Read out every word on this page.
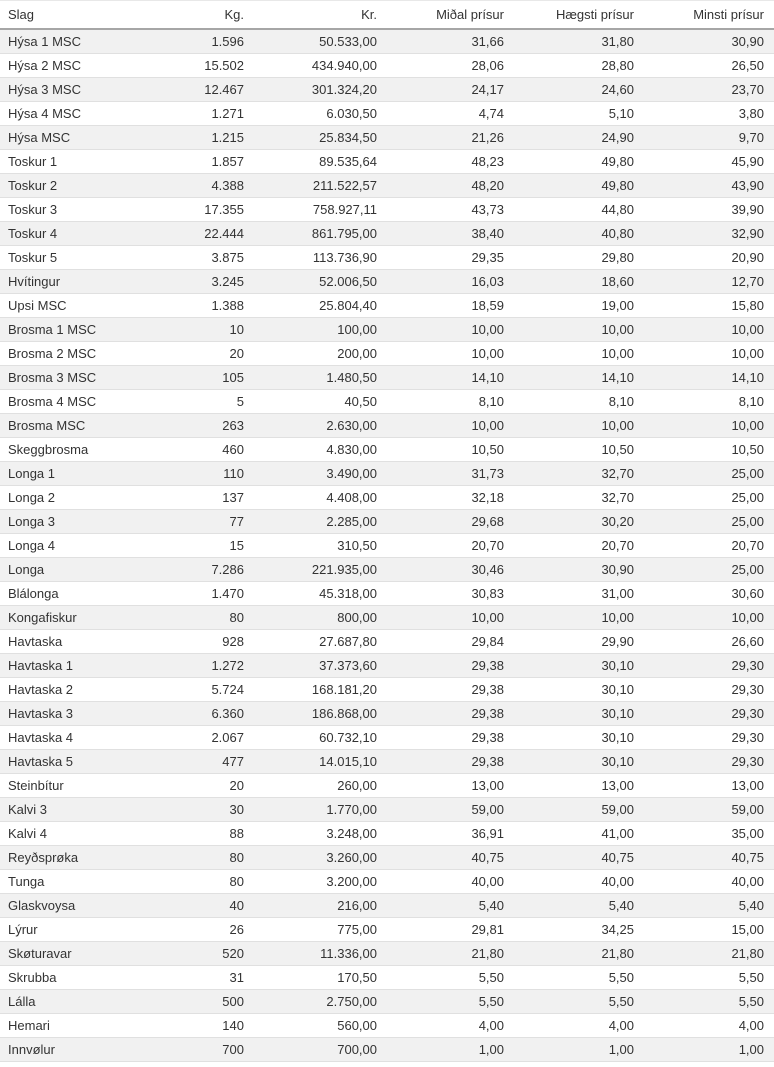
Slag	Kg.	Kr.	Miðal prísur	Hægsti prísur	Minsti prísur
Hýsa 1 MSC	1.596	50.533,00	31,66	31,80	30,90
Hýsa 2 MSC	15.502	434.940,00	28,06	28,80	26,50
Hýsa 3 MSC	12.467	301.324,20	24,17	24,60	23,70
Hýsa 4 MSC	1.271	6.030,50	4,74	5,10	3,80
Hýsa MSC	1.215	25.834,50	21,26	24,90	9,70
Toskur 1	1.857	89.535,64	48,23	49,80	45,90
Toskur 2	4.388	211.522,57	48,20	49,80	43,90
Toskur 3	17.355	758.927,11	43,73	44,80	39,90
Toskur 4	22.444	861.795,00	38,40	40,80	32,90
Toskur 5	3.875	113.736,90	29,35	29,80	20,90
Hvítingur	3.245	52.006,50	16,03	18,60	12,70
Upsi MSC	1.388	25.804,40	18,59	19,00	15,80
Brosma 1 MSC	10	100,00	10,00	10,00	10,00
Brosma 2 MSC	20	200,00	10,00	10,00	10,00
Brosma 3 MSC	105	1.480,50	14,10	14,10	14,10
Brosma 4 MSC	5	40,50	8,10	8,10	8,10
Brosma MSC	263	2.630,00	10,00	10,00	10,00
Skeggbrosma	460	4.830,00	10,50	10,50	10,50
Longa 1	110	3.490,00	31,73	32,70	25,00
Longa 2	137	4.408,00	32,18	32,70	25,00
Longa 3	77	2.285,00	29,68	30,20	25,00
Longa 4	15	310,50	20,70	20,70	20,70
Longa	7.286	221.935,00	30,46	30,90	25,00
Blálonga	1.470	45.318,00	30,83	31,00	30,60
Kongafiskur	80	800,00	10,00	10,00	10,00
Havtaska	928	27.687,80	29,84	29,90	26,60
Havtaska 1	1.272	37.373,60	29,38	30,10	29,30
Havtaska 2	5.724	168.181,20	29,38	30,10	29,30
Havtaska 3	6.360	186.868,00	29,38	30,10	29,30
Havtaska 4	2.067	60.732,10	29,38	30,10	29,30
Havtaska 5	477	14.015,10	29,38	30,10	29,30
Steinbítur	20	260,00	13,00	13,00	13,00
Kalvi 3	30	1.770,00	59,00	59,00	59,00
Kalvi 4	88	3.248,00	36,91	41,00	35,00
Reyðsprøka	80	3.260,00	40,75	40,75	40,75
Tunga	80	3.200,00	40,00	40,00	40,00
Glaskvoysa	40	216,00	5,40	5,40	5,40
Lýrur	26	775,00	29,81	34,25	15,00
Skøturavar	520	11.336,00	21,80	21,80	21,80
Skrubba	31	170,50	5,50	5,50	5,50
Lálla	500	2.750,00	5,50	5,50	5,50
Hemari	140	560,00	4,00	4,00	4,00
Innvølur	700	700,00	1,00	1,00	1,00
